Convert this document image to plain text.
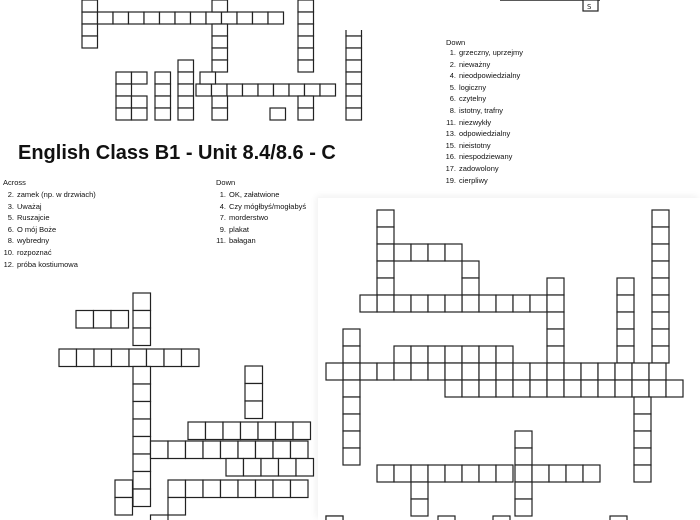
English Class B1 - Unit 8.4/8.6 - C
Across
2. zamek (np. w drzwiach)
3. Uważaj
5. Ruszajcie
6. O mój Boże
8. wybredny
10. rozpoznać
12. próba kostiumowa
Down
1. OK, załatwione
4. Czy mógłbyś/mogłabyś
7. morderstwo
9. plakat
11. bałagan
S
Down
1. grzeczny, uprzejmy
2. nieważny
4. nieodpowiedzialny
5. logiczny
6. czytelny
8. istotny, trafny
11. niezwykły
13. odpowiedzialny
15. nieistotny
16. niespodziewany
17. zadowolony
19. cierpliwy
